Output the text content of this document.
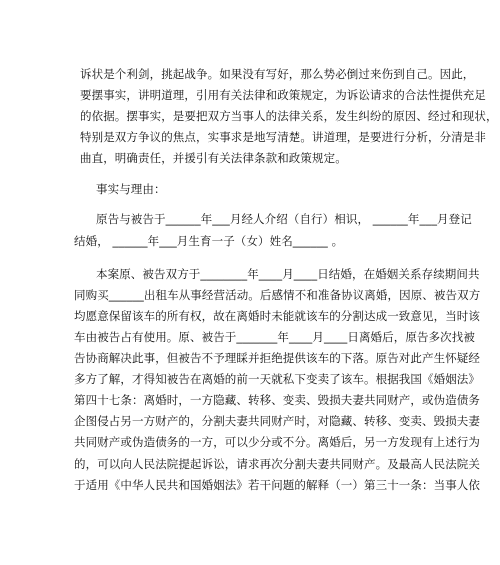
诉状是个利剑，挑起战争。如果没有写好，那么势必倒过来伤到自己。因此，
要摆事实，讲明道理，引用有关法律和政策规定，为诉讼请求的合法性提供充足
的依据。摆事实，是要把双方当事人的法律关系，发生纠纷的原因、经过和现状，
特别是双方争议的焦点，实事求是地写清楚。讲道理，是要进行分析，分清是非
曲直，明确责任，并援引有关法律条款和政策规定。
事实与理由：
原告与被告于______年___月经人介绍（自行）相识， ______年___月登记
结婚， ______年___月生育一子（女）姓名______ 。
本案原、被告双方于________年____月____日结婚，在婚姻关系存续期间共
同购买______出租车从事经营活动。后感情不和准备协议离婚，因原、被告双方
均愿意保留该车的所有权，故在离婚时未能就该车的分割达成一致意见，当时该
车由被告占有使用。原、被告于_______年____月____日离婚后，原告多次找被
告协商解决此事，但被告不予理睬并拒绝提供该车的下落。原告对此产生怀疑经
多方了解，才得知被告在离婚的前一天就私下变卖了该车。根据我国《婚姻法》
第四十七条：离婚时，一方隐藏、转移、变卖、毁损夫妻共同财产，或伪造债务
企图侵占另一方财产的，分割夫妻共同财产时，对隐藏、转移、变卖、毁损夫妻
共同财产或伪造债务的一方，可以少分或不分。离婚后，另一方发现有上述行为
的，可以向人民法院提起诉讼，请求再次分割夫妻共同财产。及最高人民法院关
于适用《中华人民共和国婚姻法》若干问题的解释（一）第三十一条：当事人依
